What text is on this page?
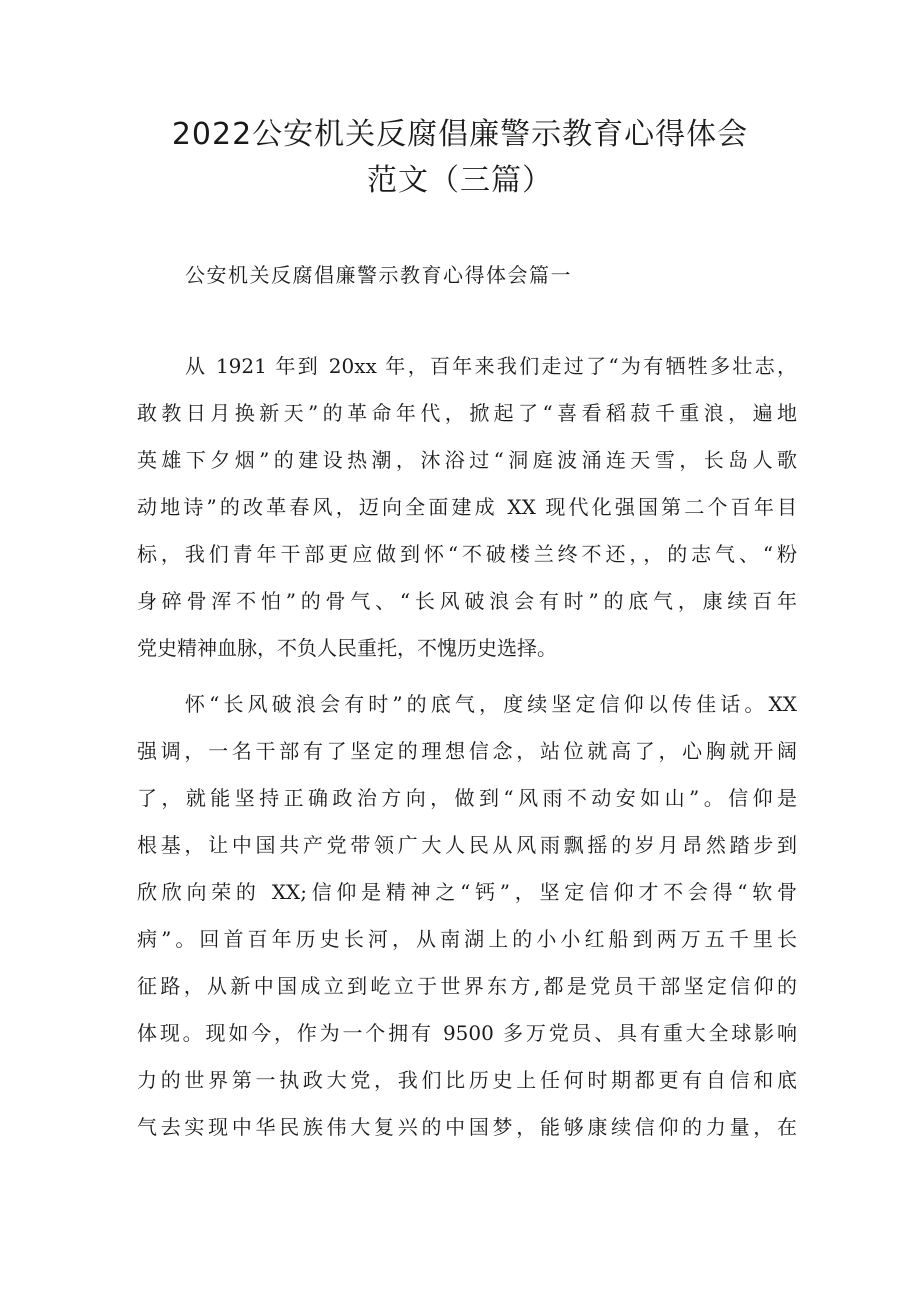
2022公安机关反腐倡廉警示教育心得体会
范文（三篇）

公安机关反腐倡廉警示教育心得体会篇一

从 1921 年到 20xx 年，百年来我们走过了“为有牺牲多壮志，

敢教日月换新天”的革命年代，掀起了“喜看稻菽千重浪，遍地

英雄下夕烟”的建设热潮，沐浴过“洞庭波涌连天雪，长岛人歌

动地诗”的改革春风，迈向全面建成 XX 现代化强国第二个百年目

标，我们青年干部更应做到怀“不破楼兰终不还，，的志气、“粉

身碎骨浑不怕”的骨气、“长风破浪会有时”的底气，康续百年

党史精神血脉，不负人民重托，不愧历史选择。

怀“长风破浪会有时”的底气，度续坚定信仰以传佳话。XX

强调，一名干部有了坚定的理想信念，站位就高了，心胸就开阔

了，就能坚持正确政治方向，做到“风雨不动安如山”。信仰是

根基，让中国共产党带领广大人民从风雨飘摇的岁月昂然踏步到

欣欣向荣的 XX;信仰是精神之“钙”，坚定信仰才不会得“软骨

病”。回首百年历史长河，从南湖上的小小红船到两万五千里长

征路，从新中国成立到屹立于世界东方,都是党员干部坚定信仰的

体现。现如今，作为一个拥有 9500 多万党员、具有重大全球影响

力的世界第一执政大党，我们比历史上任何时期都更有自信和底

气去实现中华民族伟大复兴的中国梦，能够康续信仰的力量，在
